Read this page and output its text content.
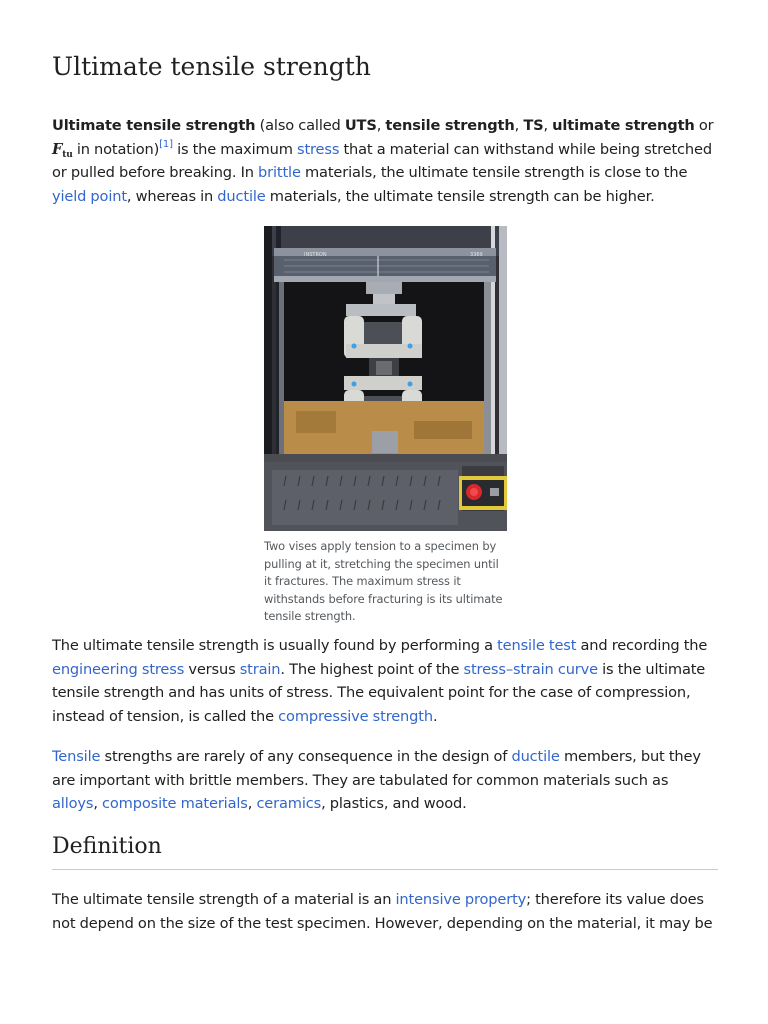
Ultimate tensile strength

Ultimate tensile strength (also called UTS, tensile strength, TS, ultimate strength or $F_{tu}$ in notation)[1] is the maximum stress that a material can withstand while being stretched or pulled before breaking. In brittle materials, the ultimate tensile strength is close to the yield point, whereas in ductile materials, the ultimate tensile strength can be higher.

INSTRON	3369

Two vises apply tension to a specimen by pulling at it, stretching the specimen until it fractures. The maximum stress it withstands before fracturing is its ultimate tensile strength.

The ultimate tensile strength is usually found by performing a tensile test and recording the engineering stress versus strain. The highest point of the stress–strain curve is the ultimate tensile strength and has units of stress. The equivalent point for the case of compression, instead of tension, is called the compressive strength.

Tensile strengths are rarely of any consequence in the design of ductile members, but they are important with brittle members. They are tabulated for common materials such as alloys, composite materials, ceramics, plastics, and wood.

Definition

The ultimate tensile strength of a material is an intensive property; therefore its value does not depend on the size of the test specimen. However, depending on the material, it may be
